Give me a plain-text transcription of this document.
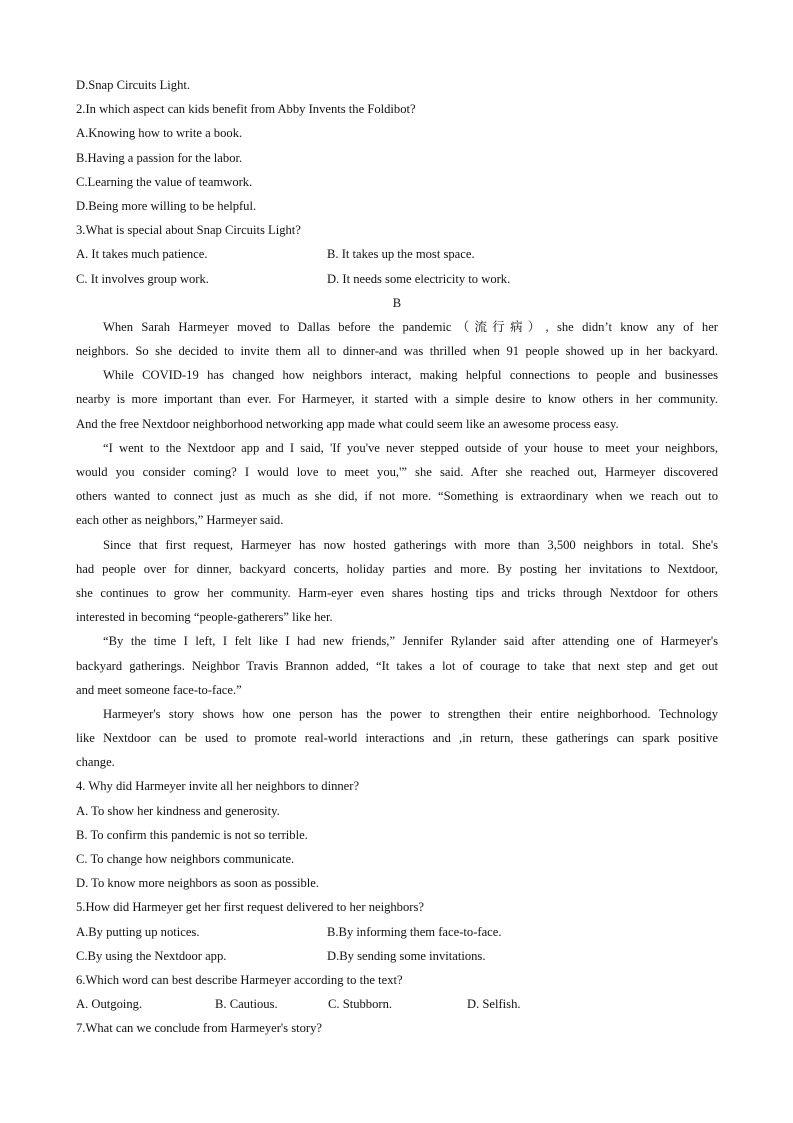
D.Snap Circuits Light.
2.In which aspect can kids benefit from Abby Invents the Foldibot?
A.Knowing how to write a book.
B.Having a passion for the labor.
C.Learning the value of teamwork.
D.Being more willing to be helpful.
3.What is special about Snap Circuits Light?
A. It takes much patience.	B. It takes up the most space.
C. It involves group work.	D. It needs some electricity to work.
B
When Sarah Harmeyer moved to Dallas before the pandemic（流行病）, she didn’t know any of her
neighbors. So she decided to invite them all to dinner-and was thrilled when 91 people showed up in her backyard.
While COVID-19 has changed how neighbors interact, making helpful connections to people and businesses
nearby is more important than ever. For Harmeyer, it started with a simple desire to know others in her community.
And the free Nextdoor neighborhood networking app made what could seem like an awesome process easy.
“I went to the Nextdoor app and I said, 'If you've never stepped outside of your house to meet your neighbors,
would you consider coming? I would love to meet you,'” she said. After she reached out, Harmeyer discovered
others wanted to connect just as much as she did, if not more. “Something is extraordinary when we reach out to
each other as neighbors,” Harmeyer said.
Since that first request, Harmeyer has now hosted gatherings with more than 3,500 neighbors in total. She's
had people over for dinner, backyard concerts, holiday parties and more. By posting her invitations to Nextdoor,
she continues to grow her community. Harm-eyer even shares hosting tips and tricks through Nextdoor for others
interested in becoming “people-gatherers” like her.
“By the time I left, I felt like I had new friends,” Jennifer Rylander said after attending one of Harmeyer's
backyard gatherings. Neighbor Travis Brannon added, “It takes a lot of courage to take that next step and get out
and meet someone face-to-face.”
Harmeyer's story shows how one person has the power to strengthen their entire neighborhood. Technology
like Nextdoor can be used to promote real-world interactions and ,in return, these gatherings can spark positive
change.
4. Why did Harmeyer invite all her neighbors to dinner?
A. To show her kindness and generosity.
B. To confirm this pandemic is not so terrible.
C. To change how neighbors communicate.
D. To know more neighbors as soon as possible.
5.How did Harmeyer get her first request delivered to her neighbors?
A.By putting up notices.	B.By informing them face-to-face.
C.By using the Nextdoor app.	D.By sending some invitations.
6.Which word can best describe Harmeyer according to the text?
A. Outgoing.	B. Cautious.	C. Stubborn.	D. Selfish.
7.What can we conclude from Harmeyer's story?
